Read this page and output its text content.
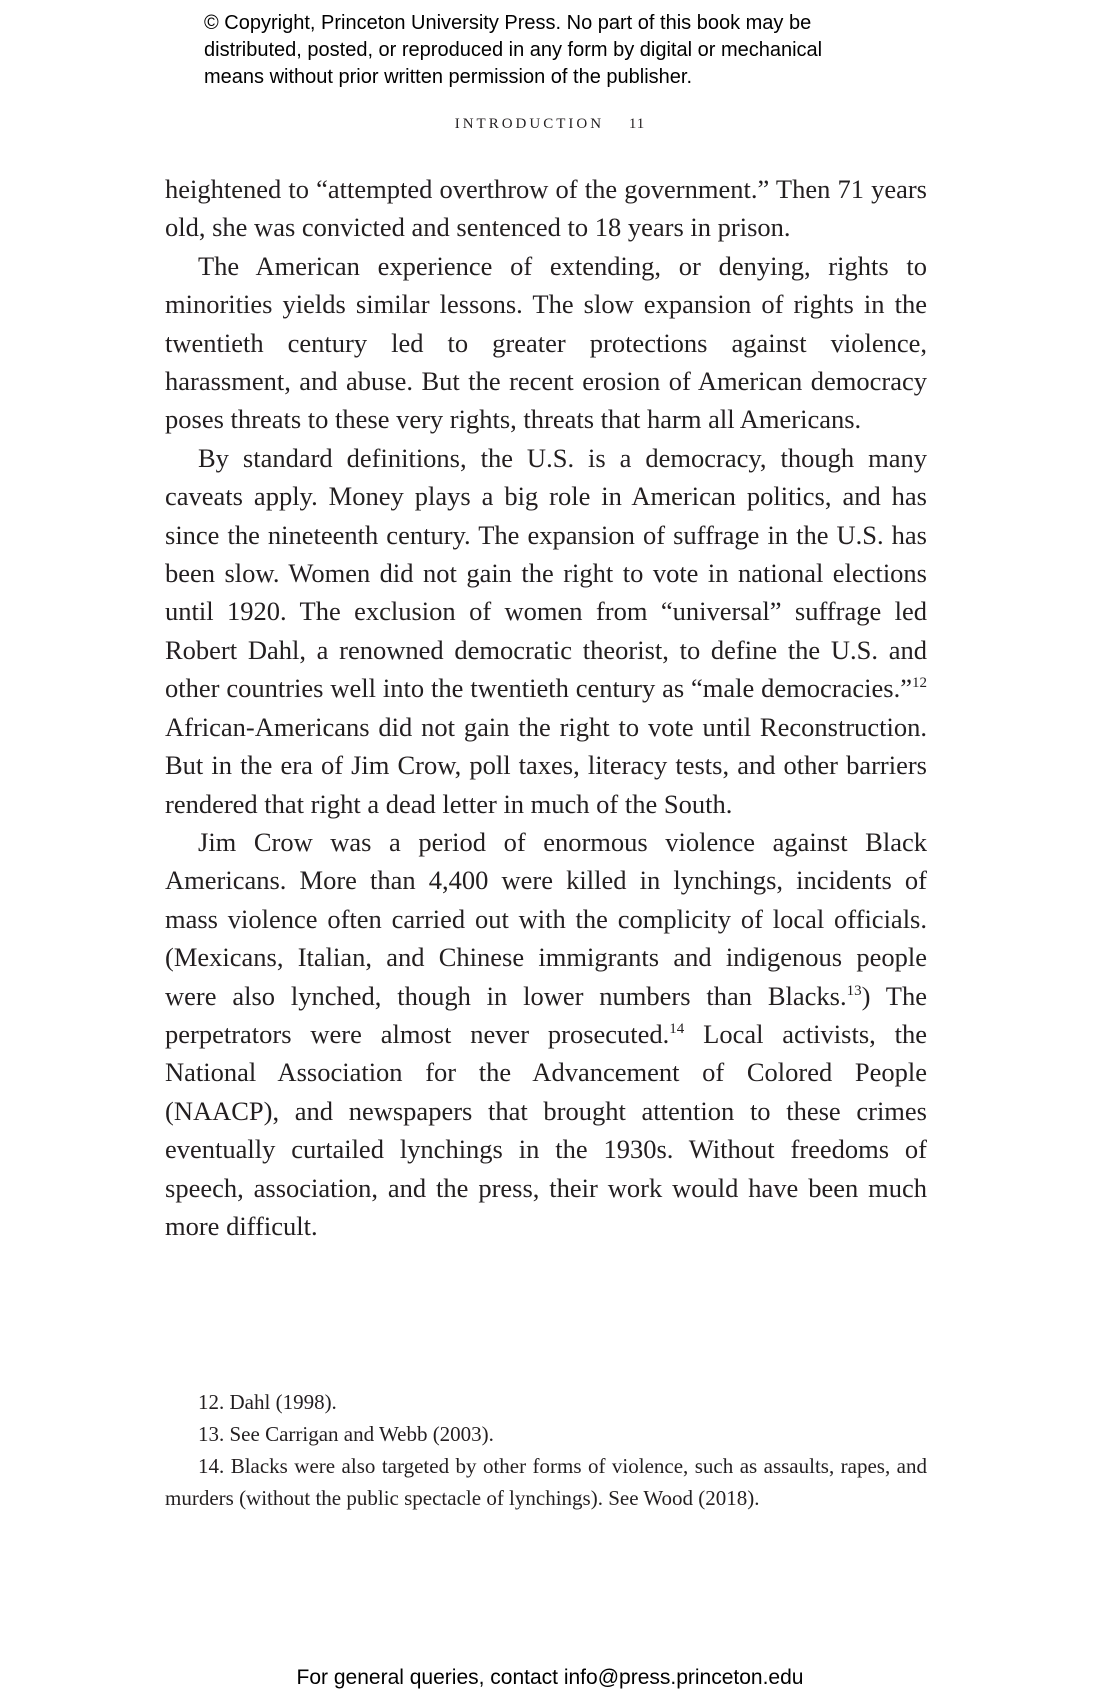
© Copyright, Princeton University Press. No part of this book may be
distributed, posted, or reproduced in any form by digital or mechanical
means without prior written permission of the publisher.
INTRODUCTION 11

heightened to “attempted overthrow of the government.” Then 71 years old, she was convicted and sentenced to 18 years in prison.

The American experience of extending, or denying, rights to minorities yields similar lessons. The slow expansion of rights in the twentieth century led to greater protections against violence, harassment, and abuse. But the recent erosion of American democracy poses threats to these very rights, threats that harm all Americans.

By standard definitions, the U.S. is a democracy, though many caveats apply. Money plays a big role in American politics, and has since the nineteenth century. The expansion of suffrage in the U.S. has been slow. Women did not gain the right to vote in national elections until 1920. The exclusion of women from “universal” suffrage led Robert Dahl, a renowned democratic theorist, to define the U.S. and other countries well into the twentieth century as “male democracies.”$^{12}$ African-Americans did not gain the right to vote until Reconstruction. But in the era of Jim Crow, poll taxes, literacy tests, and other barriers rendered that right a dead letter in much of the South.

Jim Crow was a period of enormous violence against Black Americans. More than 4,400 were killed in lynchings, incidents of mass violence often carried out with the complicity of local officials. (Mexicans, Italian, and Chinese immigrants and indigenous people were also lynched, though in lower numbers than Blacks.$^{13}$) The perpetrators were almost never prosecuted.$^{14}$ Local activists, the National Association for the Advancement of Colored People (NAACP), and newspapers that brought attention to these crimes eventually curtailed lynchings in the 1930s. Without freedoms of speech, association, and the press, their work would have been much more difficult.

12. Dahl (1998).

13. See Carrigan and Webb (2003).

14. Blacks were also targeted by other forms of violence, such as assaults, rapes, and murders (without the public spectacle of lynchings). See Wood (2018).

For general queries, contact info@press.princeton.edu
